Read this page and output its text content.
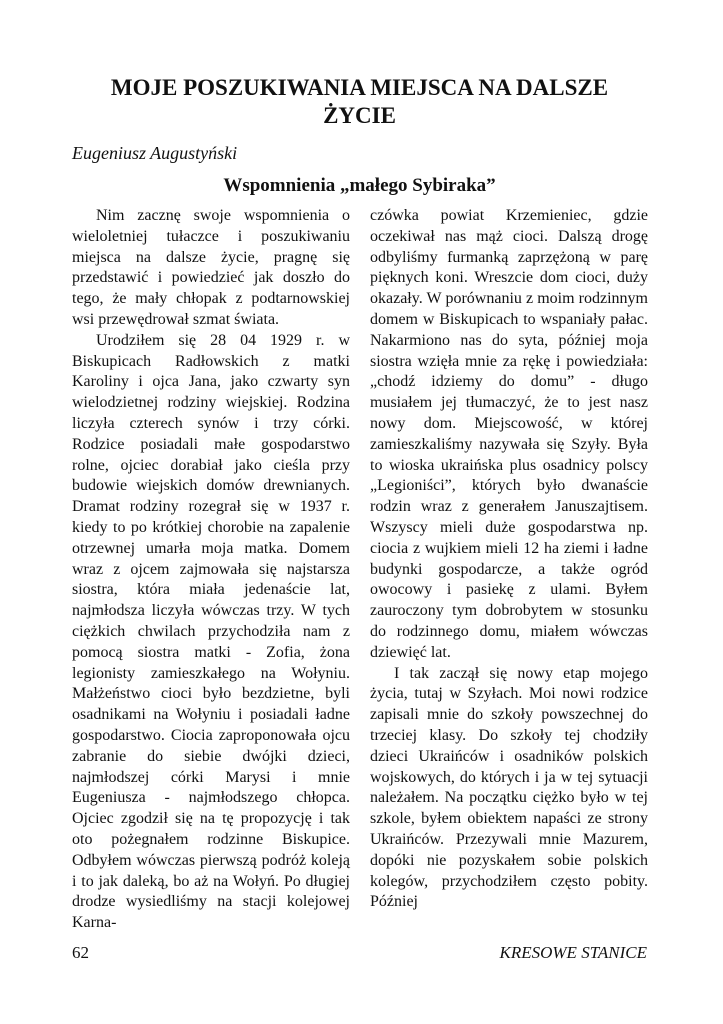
MOJE POSZUKIWANIA MIEJSCA NA DALSZE ŻYCIE
Eugeniusz Augustyński
Wspomnienia „małego Sybiraka”

Nim zacznę swoje wspomnienia o wieloletniej tułaczce i poszukiwaniu miejsca na dalsze życie, pragnę się przedstawić i powiedzieć jak doszło do tego, że mały chłopak z podtarnowskiej wsi przewędrował szmat świata.

Urodziłem się 28 04 1929 r. w Biskupicach Radłowskich z matki Karoliny i ojca Jana, jako czwarty syn wielodzietnej rodziny wiejskiej. Rodzina liczyła czterech synów i trzy córki. Rodzice posiadali małe gospodarstwo rolne, ojciec dorabiał jako cieśla przy budowie wiejskich domów drewnianych. Dramat rodziny rozegrał się w 1937 r. kiedy to po krótkiej chorobie na zapalenie otrzewnej umarła moja matka. Domem wraz z ojcem zajmowała się najstarsza siostra, która miała jedenaście lat, najmłodsza liczyła wówczas trzy. W tych ciężkich chwilach przychodziła nam z pomocą siostra matki - Zofia, żona legionisty zamieszkałego na Wołyniu. Małżeństwo cioci było bezdzietne, byli osadnikami na Wołyniu i posiadali ładne gospodarstwo. Ciocia zaproponowała ojcu zabranie do siebie dwójki dzieci, najmłodszej córki Marysi i mnie Eugeniusza - najmłodszego chłopca. Ojciec zgodził się na tę propozycję i tak oto pożegnałem rodzinne Biskupice. Odbyłem wówczas pierwszą podróż koleją i to jak daleką, bo aż na Wołyń. Po długiej drodze wysiedliśmy na stacji kolejowej Karna-

czówka powiat Krzemieniec, gdzie oczekiwał nas mąż cioci. Dalszą drogę odbyliśmy furmanką zaprzężoną w parę pięknych koni. Wreszcie dom cioci, duży okazały. W porównaniu z moim rodzinnym domem w Biskupicach to wspaniały pałac. Nakarmiono nas do syta, później moja siostra wzięła mnie za rękę i powiedziała: „chodź idziemy do domu” - długo musiałem jej tłumaczyć, że to jest nasz nowy dom. Miejscowość, w której zamieszkaliśmy nazywała się Szyły. Była to wioska ukraińska plus osadnicy polscy „Legioniści”, których było dwanaście rodzin wraz z generałem Januszajtisem. Wszyscy mieli duże gospodarstwa np. ciocia z wujkiem mieli 12 ha ziemi i ładne budynki gospodarcze, a także ogród owocowy i pasiekę z ulami. Byłem zauroczony tym dobrobytem w stosunku do rodzinnego domu, miałem wówczas dziewięć lat.

I tak zaczął się nowy etap mojego życia, tutaj w Szyłach. Moi nowi rodzice zapisali mnie do szkoły powszechnej do trzeciej klasy. Do szkoły tej chodziły dzieci Ukraińców i osadników polskich wojskowych, do których i ja w tej sytuacji należałem. Na początku ciężko było w tej szkole, byłem obiektem napaści ze strony Ukraińców. Przezywali mnie Mazurem, dopóki nie pozyskałem sobie polskich kolegów, przychodziłem często pobity. Później

62	KRESOWE STANICE
